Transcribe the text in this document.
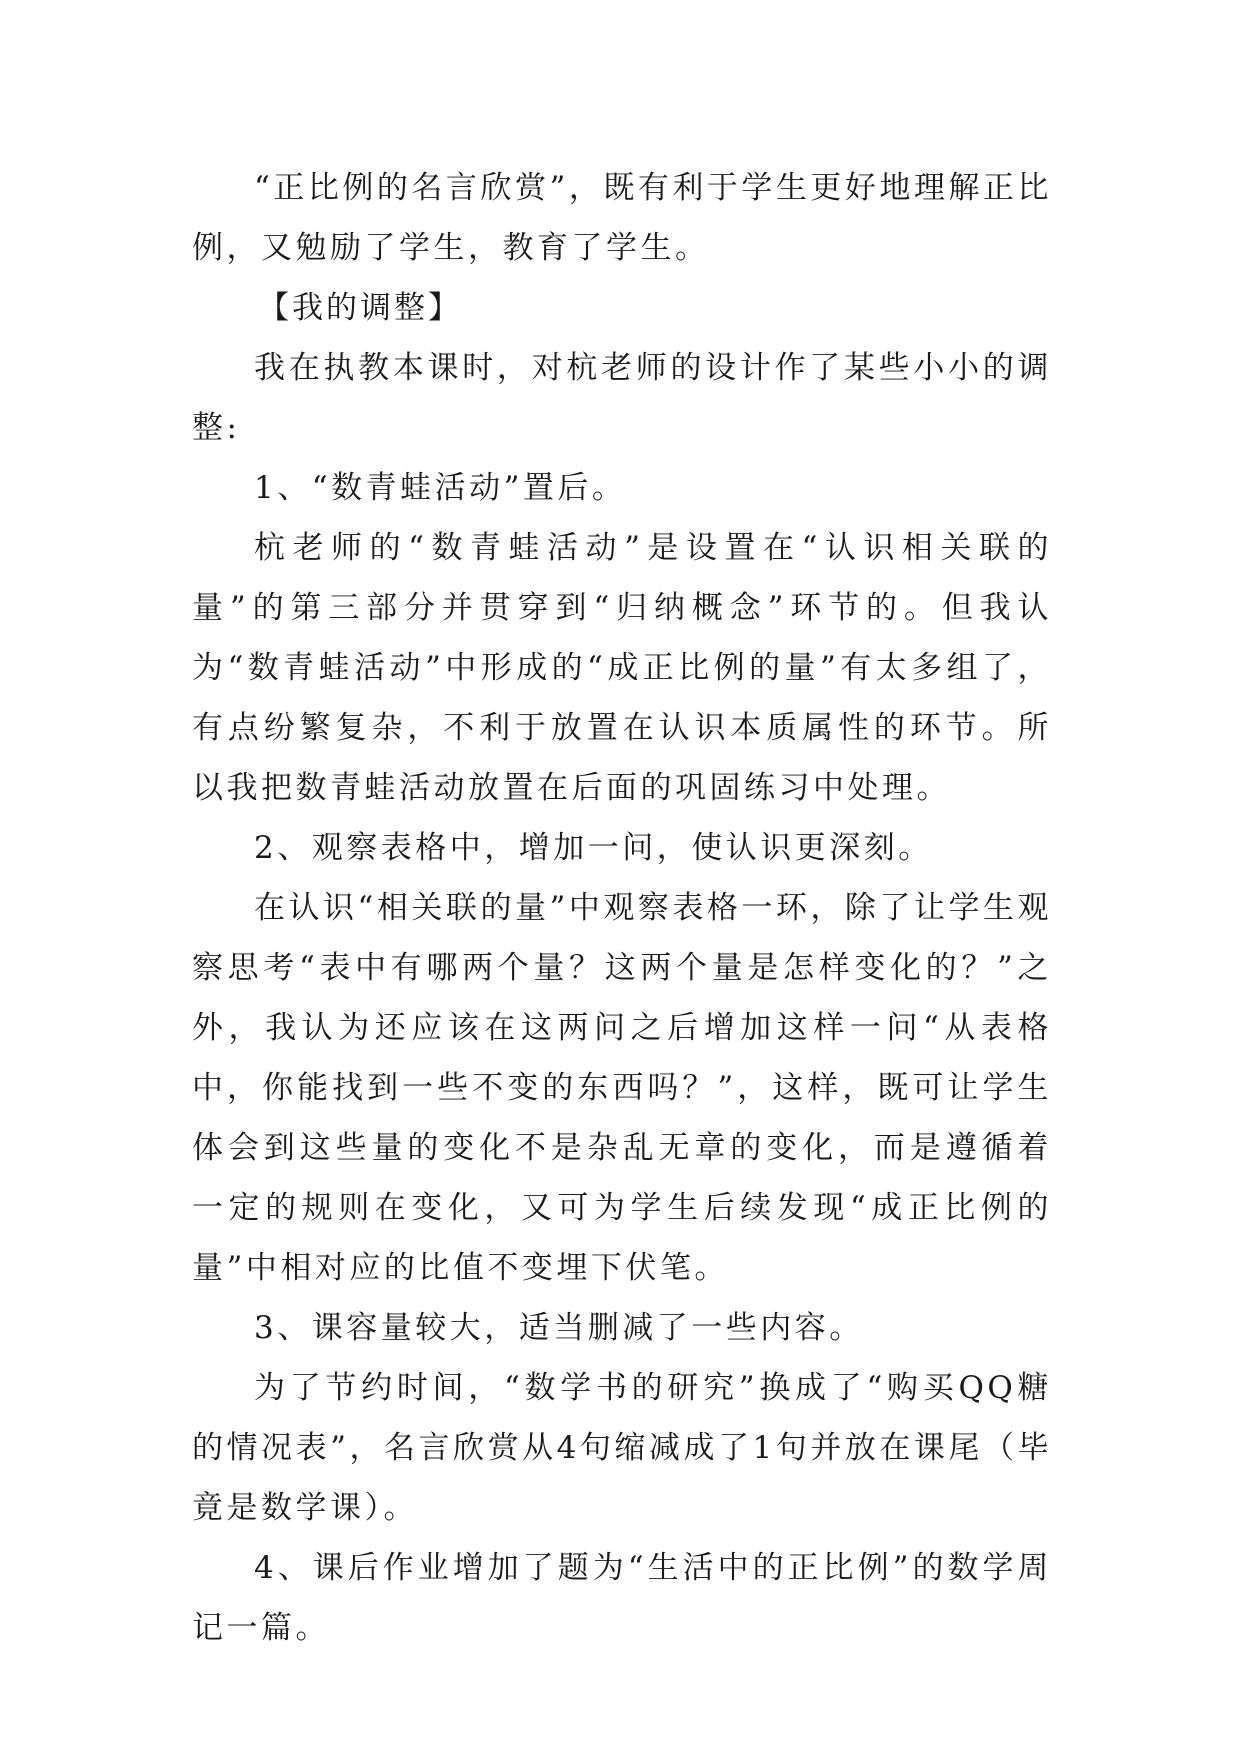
“正比例的名言欣赏”，既有利于学生更好地理解正比例，又勉励了学生，教育了学生。

【我的调整】

我在执教本课时，对杭老师的设计作了某些小小的调整:

1、“数青蛙活动”置后。

杭老师的“数青蛙活动”是设置在“认识相关联的量”的第三部分并贯穿到“归纳概念”环节的。但我认为“数青蛙活动”中形成的“成正比例的量”有太多组了，有点纷繁复杂，不利于放置在认识本质属性的环节。所以我把数青蛙活动放置在后面的巩固练习中处理。

2、观察表格中，增加一问，使认识更深刻。

在认识“相关联的量”中观察表格一环，除了让学生观察思考“表中有哪两个量？这两个量是怎样变化的？”之外，我认为还应该在这两问之后增加这样一问“从表格中，你能找到一些不变的东西吗？”，这样，既可让学生体会到这些量的变化不是杂乱无章的变化，而是遵循着一定的规则在变化，又可为学生后续发现“成正比例的量”中相对应的比值不变埋下伏笔。

3、课容量较大，适当删减了一些内容。

为了节约时间，“数学书的研究”换成了“购买QQ糖的情况表”，名言欣赏从4句缩减成了1句并放在课尾（毕竟是数学课）。

4、课后作业增加了题为“生活中的正比例”的数学周记一篇。
